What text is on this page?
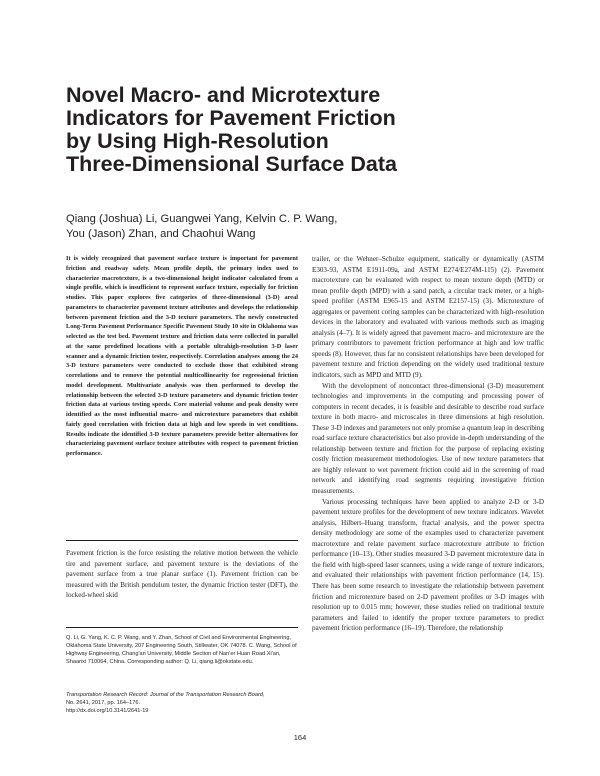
Novel Macro- and Microtexture
Indicators for Pavement Friction
by Using High-Resolution
Three-Dimensional Surface Data
Qiang (Joshua) Li, Guangwei Yang, Kelvin C. P. Wang,
You (Jason) Zhan, and Chaohui Wang

It is widely recognized that pavement surface texture is important for pavement friction and roadway safety. Mean profile depth, the primary index used to characterize macrotexture, is a two-dimensional height indicator calculated from a single profile, which is insufficient to represent surface texture, especially for friction studies. This paper explores five categories of three-dimensional (3-D) areal parameters to characterize pavement texture attributes and develops the relationship between pavement friction and the 3-D texture parameters. The newly constructed Long-Term Pavement Performance Specific Pavement Study 10 site in Oklahoma was selected as the test bed. Pavement texture and friction data were collected in parallel at the same predefined locations with a portable ultrahigh-resolution 3-D laser scanner and a dynamic friction tester, respectively. Correlation analyses among the 24 3-D texture parameters were conducted to exclude those that exhibited strong correlations and to remove the potential multicollinearity for regressional friction model development. Multivariate analysis was then performed to develop the relationship between the selected 3-D texture parameters and dynamic friction tester friction data at various testing speeds. Core material volume and peak density were identified as the most influential macro- and microtexture parameters that exhibit fairly good correlation with friction data at high and low speeds in wet conditions. Results indicate the identified 3-D texture parameters provide better alternatives for characterizing pavement surface texture attributes with respect to pavement friction performance.

Pavement friction is the force resisting the relative motion between the vehicle tire and pavement surface, and pavement texture is the deviations of the pavement surface from a true planar surface (1). Pavement friction can be measured with the British pendulum tester, the dynamic friction tester (DFT), the locked-wheel skid

Q. Li, G. Yang, K. C. P. Wang, and Y. Zhan, School of Civil and Environmental Engineering, Oklahoma State University, 207 Engineering South, Stillwater, OK 74078. C. Wang, School of Highway Engineering, Chang'an University, Middle Section of Nan'er Huan Road Xi'an, Shaanxi 710064, China. Corresponding author: Q. Li, qiang.li@okstate.edu.

Transportation Research Record: Journal of the Transportation Research Board,
No. 2641, 2017, pp. 164–176.
http://dx.doi.org/10.3141/2641-19

trailer, or the Wehner–Schulze equipment, statically or dynamically (ASTM E303-93, ASTM E1911-09a, and ASTM E274/E274M-115) (2). Pavement macrotexture can be evaluated with respect to mean texture depth (MTD) or mean profile depth (MPD) with a sand patch, a circular track meter, or a high-speed profiler (ASTM E965-15 and ASTM E2157-15) (3). Microtexture of aggregates or pavement coring samples can be characterized with high-resolution devices in the laboratory and evaluated with various methods such as imaging analysis (4–7). It is widely agreed that pavement macro- and microtexture are the primary contributors to pavement friction performance at high and low traffic speeds (8). However, thus far no consistent relationships have been developed for pavement texture and friction depending on the widely used traditional texture indicators, such as MPD and MTD (9).

With the development of noncontact three-dimensional (3-D) measurement technologies and improvements in the computing and processing power of computers in recent decades, it is feasible and desirable to describe road surface texture in both macro- and microscales in three dimensions at high resolution. These 3-D indexes and parameters not only promise a quantum leap in describing road surface texture characteristics but also provide in-depth understanding of the relationship between texture and friction for the purpose of replacing existing costly friction measurement methodologies. Use of new texture parameters that are highly relevant to wet pavement friction could aid in the screening of road network and identifying road segments requiring investigative friction measurements.

Various processing techniques have been applied to analyze 2-D or 3-D pavement texture profiles for the development of new texture indicators. Wavelet analysis, Hilbert–Huang transform, fractal analysis, and the power spectra density methodology are some of the examples used to characterize pavement macrotexture and relate pavement surface macrotexture attribute to friction performance (10–13). Other studies measured 3-D pavement microtexture data in the field with high-speed laser scanners, using a wide range of texture indicators, and evaluated their relationships with pavement friction performance (14, 15). There has been some research to investigate the relationship between pavement friction and microtexture based on 2-D pavement profiles or 3-D images with resolution up to 0.015 mm; however, these studies relied on traditional texture parameters and failed to identify the proper texture parameters to predict pavement friction performance (16–19). Therefore, the relationship

164
